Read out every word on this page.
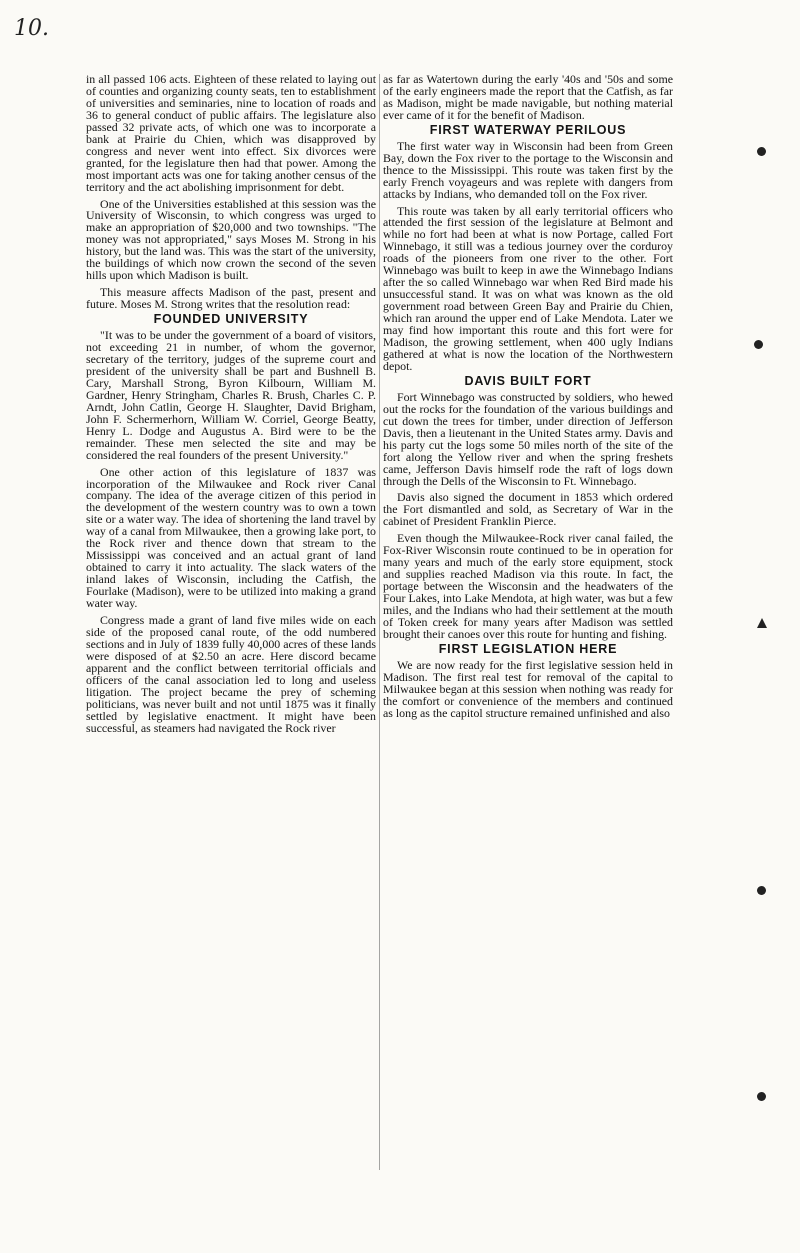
10.

in all passed 106 acts. Eighteen of these related to laying out of counties and organizing county seats, ten to establishment of universities and seminaries, nine to location of roads and 36 to general conduct of public affairs. The legislature also passed 32 private acts, of which one was to incorporate a bank at Prairie du Chien, which was disapproved by congress and never went into effect. Six divorces were granted, for the legislature then had that power. Among the most important acts was one for taking another census of the territory and the act abolishing imprisonment for debt.

One of the Universities established at this session was the University of Wisconsin, to which congress was urged to make an appropriation of $20,000 and two townships. "The money was not appropriated," says Moses M. Strong in his history, but the land was. This was the start of the university, the buildings of which now crown the second of the seven hills upon which Madison is built.

This measure affects Madison of the past, present and future. Moses M. Strong writes that the resolution read:

FOUNDED UNIVERSITY

"It was to be under the government of a board of visitors, not exceeding 21 in number, of whom the governor, secretary of the territory, judges of the supreme court and president of the university shall be part and Bushnell B. Cary, Marshall Strong, Byron Kilbourn, William M. Gardner, Henry Stringham, Charles R. Brush, Charles C. P. Arndt, John Catlin, George H. Slaughter, David Brigham, John F. Schermerhorn, William W. Corriel, George Beatty, Henry L. Dodge and Augustus A. Bird were to be the remainder. These men selected the site and may be considered the real founders of the present University."

One other action of this legislature of 1837 was incorporation of the Milwaukee and Rock river Canal company. The idea of the average citizen of this period in the development of the western country was to own a town site or a water way. The idea of shortening the land travel by way of a canal from Milwaukee, then a growing lake port, to the Rock river and thence down that stream to the Mississippi was conceived and an actual grant of land obtained to carry it into actuality. The slack waters of the inland lakes of Wisconsin, including the Catfish, the Fourlake (Madison), were to be utilized into making a grand water way.

Congress made a grant of land five miles wide on each side of the proposed canal route, of the odd numbered sections and in July of 1839 fully 40,000 acres of these lands were disposed of at $2.50 an acre. Here discord became apparent and the conflict between territorial officials and officers of the canal association led to long and useless litigation. The project became the prey of scheming politicians, was never built and not until 1875 was it finally settled by legislative enactment. It might have been successful, as steamers had navigated the Rock river

as far as Watertown during the early '40s and '50s and some of the early engineers made the report that the Catfish, as far as Madison, might be made navigable, but nothing material ever came of it for the benefit of Madison.

FIRST WATERWAY PERILOUS

The first water way in Wisconsin had been from Green Bay, down the Fox river to the portage to the Wisconsin and thence to the Mississippi. This route was taken first by the early French voyageurs and was replete with dangers from attacks by Indians, who demanded toll on the Fox river.

This route was taken by all early territorial officers who attended the first session of the legislature at Belmont and while no fort had been at what is now Portage, called Fort Winnebago, it still was a tedious journey over the corduroy roads of the pioneers from one river to the other. Fort Winnebago was built to keep in awe the Winnebago Indians after the so called Winnebago war when Red Bird made his unsuccessful stand. It was on what was known as the old government road between Green Bay and Prairie du Chien, which ran around the upper end of Lake Mendota. Later we may find how important this route and this fort were for Madison, the growing settlement, when 400 ugly Indians gathered at what is now the location of the Northwestern depot.

DAVIS BUILT FORT

Fort Winnebago was constructed by soldiers, who hewed out the rocks for the foundation of the various buildings and cut down the trees for timber, under direction of Jefferson Davis, then a lieutenant in the United States army. Davis and his party cut the logs some 50 miles north of the site of the fort along the Yellow river and when the spring freshets came, Jefferson Davis himself rode the raft of logs down through the Dells of the Wisconsin to Ft. Winnebago.

Davis also signed the document in 1853 which ordered the Fort dismantled and sold, as Secretary of War in the cabinet of President Franklin Pierce.

Even though the Milwaukee-Rock river canal failed, the Fox-River Wisconsin route continued to be in operation for many years and much of the early store equipment, stock and supplies reached Madison via this route. In fact, the portage between the Wisconsin and the headwaters of the Four Lakes, into Lake Mendota, at high water, was but a few miles, and the Indians who had their settlement at the mouth of Token creek for many years after Madison was settled brought their canoes over this route for hunting and fishing.

FIRST LEGISLATION HERE

We are now ready for the first legislative session held in Madison. The first real test for removal of the capital to Milwaukee began at this session when nothing was ready for the comfort or convenience of the members and continued as long as the capitol structure remained unfinished and also
